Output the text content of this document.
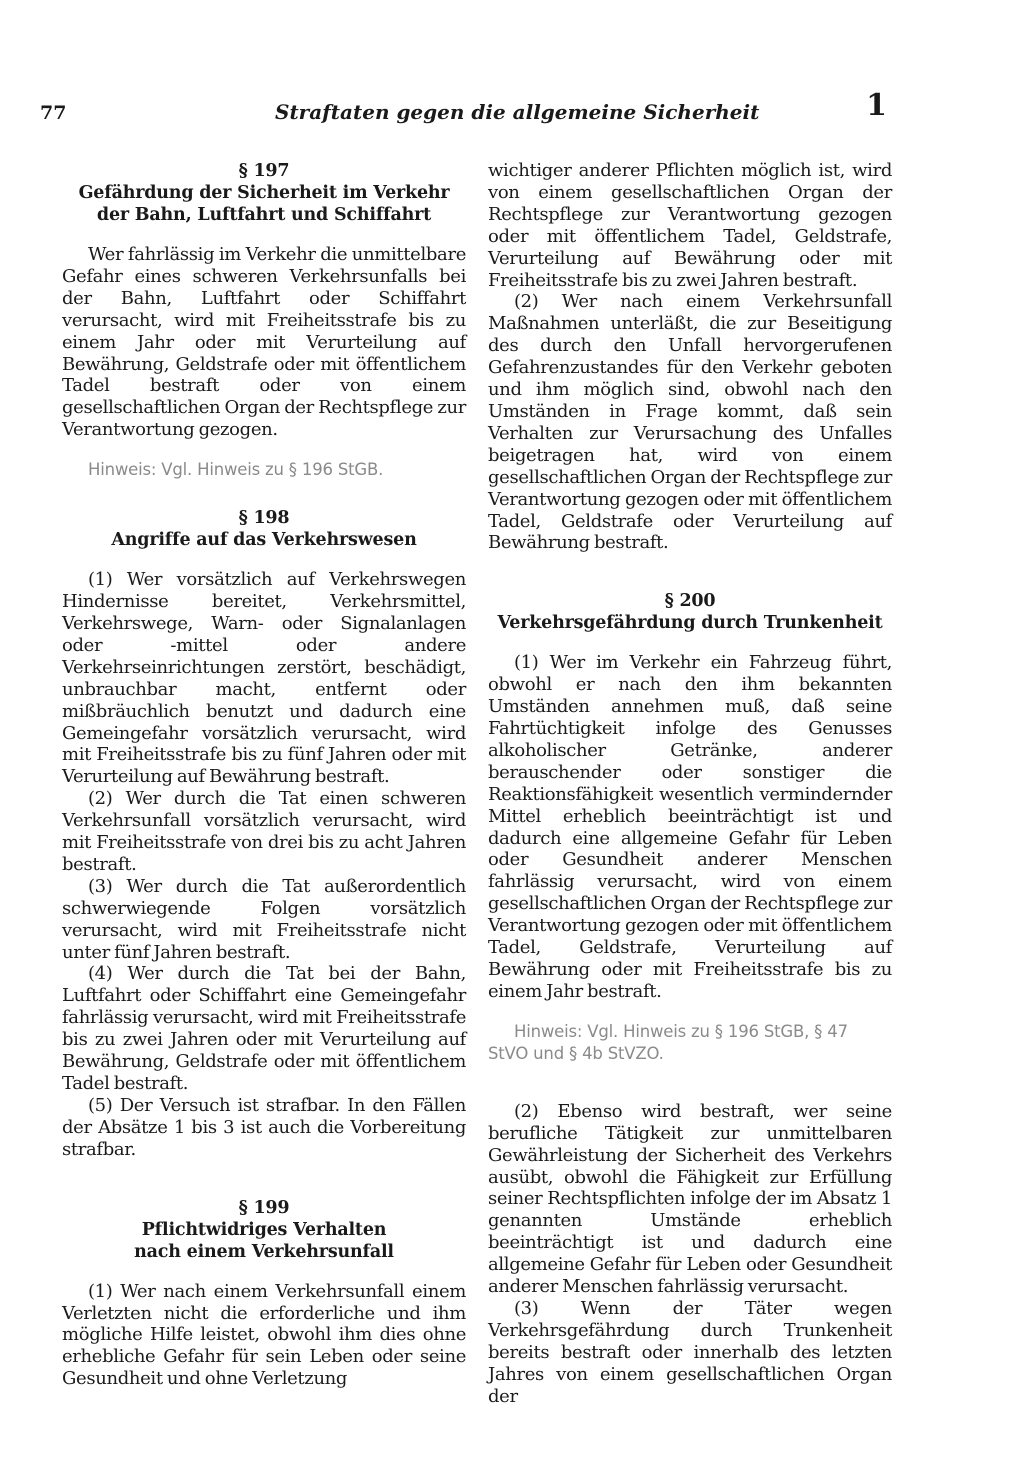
77	Straftaten gegen die allgemeine Sicherheit	1

§ 197

Gefährdung der Sicherheit im Verkehr

der Bahn, Luftfahrt und Schiffahrt

Wer fahrlässig im Verkehr die unmittelbare Gefahr eines schweren Verkehrsunfalls bei der Bahn, Luftfahrt oder Schiffahrt verursacht, wird mit Freiheitsstrafe bis zu einem Jahr oder mit Verurteilung auf Bewährung, Geldstrafe oder mit öffentlichem Tadel bestraft oder von einem gesellschaftlichen Organ der Rechtspflege zur Verantwortung gezogen.

Hinweis: Vgl. Hinweis zu § 196 StGB.

§ 198

Angriffe auf das Verkehrswesen

(1) Wer vorsätzlich auf Verkehrswegen Hindernisse bereitet, Verkehrsmittel, Verkehrswege, Warn- oder Signalanlagen oder -mittel oder andere Verkehrseinrichtungen zerstört, beschädigt, unbrauchbar macht, entfernt oder mißbräuchlich benutzt und dadurch eine Gemeingefahr vorsätzlich verursacht, wird mit Freiheitsstrafe bis zu fünf Jahren oder mit Verurteilung auf Bewährung bestraft.

(2) Wer durch die Tat einen schweren Verkehrsunfall vorsätzlich verursacht, wird mit Freiheitsstrafe von drei bis zu acht Jahren bestraft.

(3) Wer durch die Tat außerordentlich schwerwiegende Folgen vorsätzlich verursacht, wird mit Freiheitsstrafe nicht unter fünf Jahren bestraft.

(4) Wer durch die Tat bei der Bahn, Luftfahrt oder Schiffahrt eine Gemeingefahr fahrlässig verursacht, wird mit Freiheitsstrafe bis zu zwei Jahren oder mit Verurteilung auf Bewährung, Geldstrafe oder mit öffentlichem Tadel bestraft.

(5) Der Versuch ist strafbar. In den Fällen der Absätze 1 bis 3 ist auch die Vorbereitung strafbar.

§ 199

Pflichtwidriges Verhalten

nach einem Verkehrsunfall

(1) Wer nach einem Verkehrsunfall einem Verletzten nicht die erforderliche und ihm mögliche Hilfe leistet, obwohl ihm dies ohne erhebliche Gefahr für sein Leben oder seine Gesundheit und ohne Verletzung

wichtiger anderer Pflichten möglich ist, wird von einem gesellschaftlichen Organ der Rechtspflege zur Verantwortung gezogen oder mit öffentlichem Tadel, Geldstrafe, Verurteilung auf Bewährung oder mit Freiheitsstrafe bis zu zwei Jahren bestraft.

(2) Wer nach einem Verkehrsunfall Maßnahmen unterläßt, die zur Beseitigung des durch den Unfall hervorgerufenen Gefahrenzustandes für den Verkehr geboten und ihm möglich sind, obwohl nach den Umständen in Frage kommt, daß sein Verhalten zur Verursachung des Unfalles beigetragen hat, wird von einem gesellschaftlichen Organ der Rechtspflege zur Verantwortung gezogen oder mit öffentlichem Tadel, Geldstrafe oder Verurteilung auf Bewährung bestraft.

§ 200

Verkehrsgefährdung durch Trunkenheit

(1) Wer im Verkehr ein Fahrzeug führt, obwohl er nach den ihm bekannten Umständen annehmen muß, daß seine Fahrtüchtigkeit infolge des Genusses alkoholischer Getränke, anderer berauschender oder sonstiger die Reaktionsfähigkeit wesentlich vermindernder Mittel erheblich beeinträchtigt ist und dadurch eine allgemeine Gefahr für Leben oder Gesundheit anderer Menschen fahrlässig verursacht, wird von einem gesellschaftlichen Organ der Rechtspflege zur Verantwortung gezogen oder mit öffentlichem Tadel, Geldstrafe, Verurteilung auf Bewährung oder mit Freiheitsstrafe bis zu einem Jahr bestraft.

Hinweis: Vgl. Hinweis zu § 196 StGB, § 47 StVO und § 4b StVZO.

(2) Ebenso wird bestraft, wer seine berufliche Tätigkeit zur unmittelbaren Gewährleistung der Sicherheit des Verkehrs ausübt, obwohl die Fähigkeit zur Erfüllung seiner Rechtspflichten infolge der im Absatz 1 genannten Umstände erheblich beeinträchtigt ist und dadurch eine allgemeine Gefahr für Leben oder Gesundheit anderer Menschen fahrlässig verursacht.

(3) Wenn der Täter wegen Verkehrsgefährdung durch Trunkenheit bereits bestraft oder innerhalb des letzten Jahres von einem gesellschaftlichen Organ der
